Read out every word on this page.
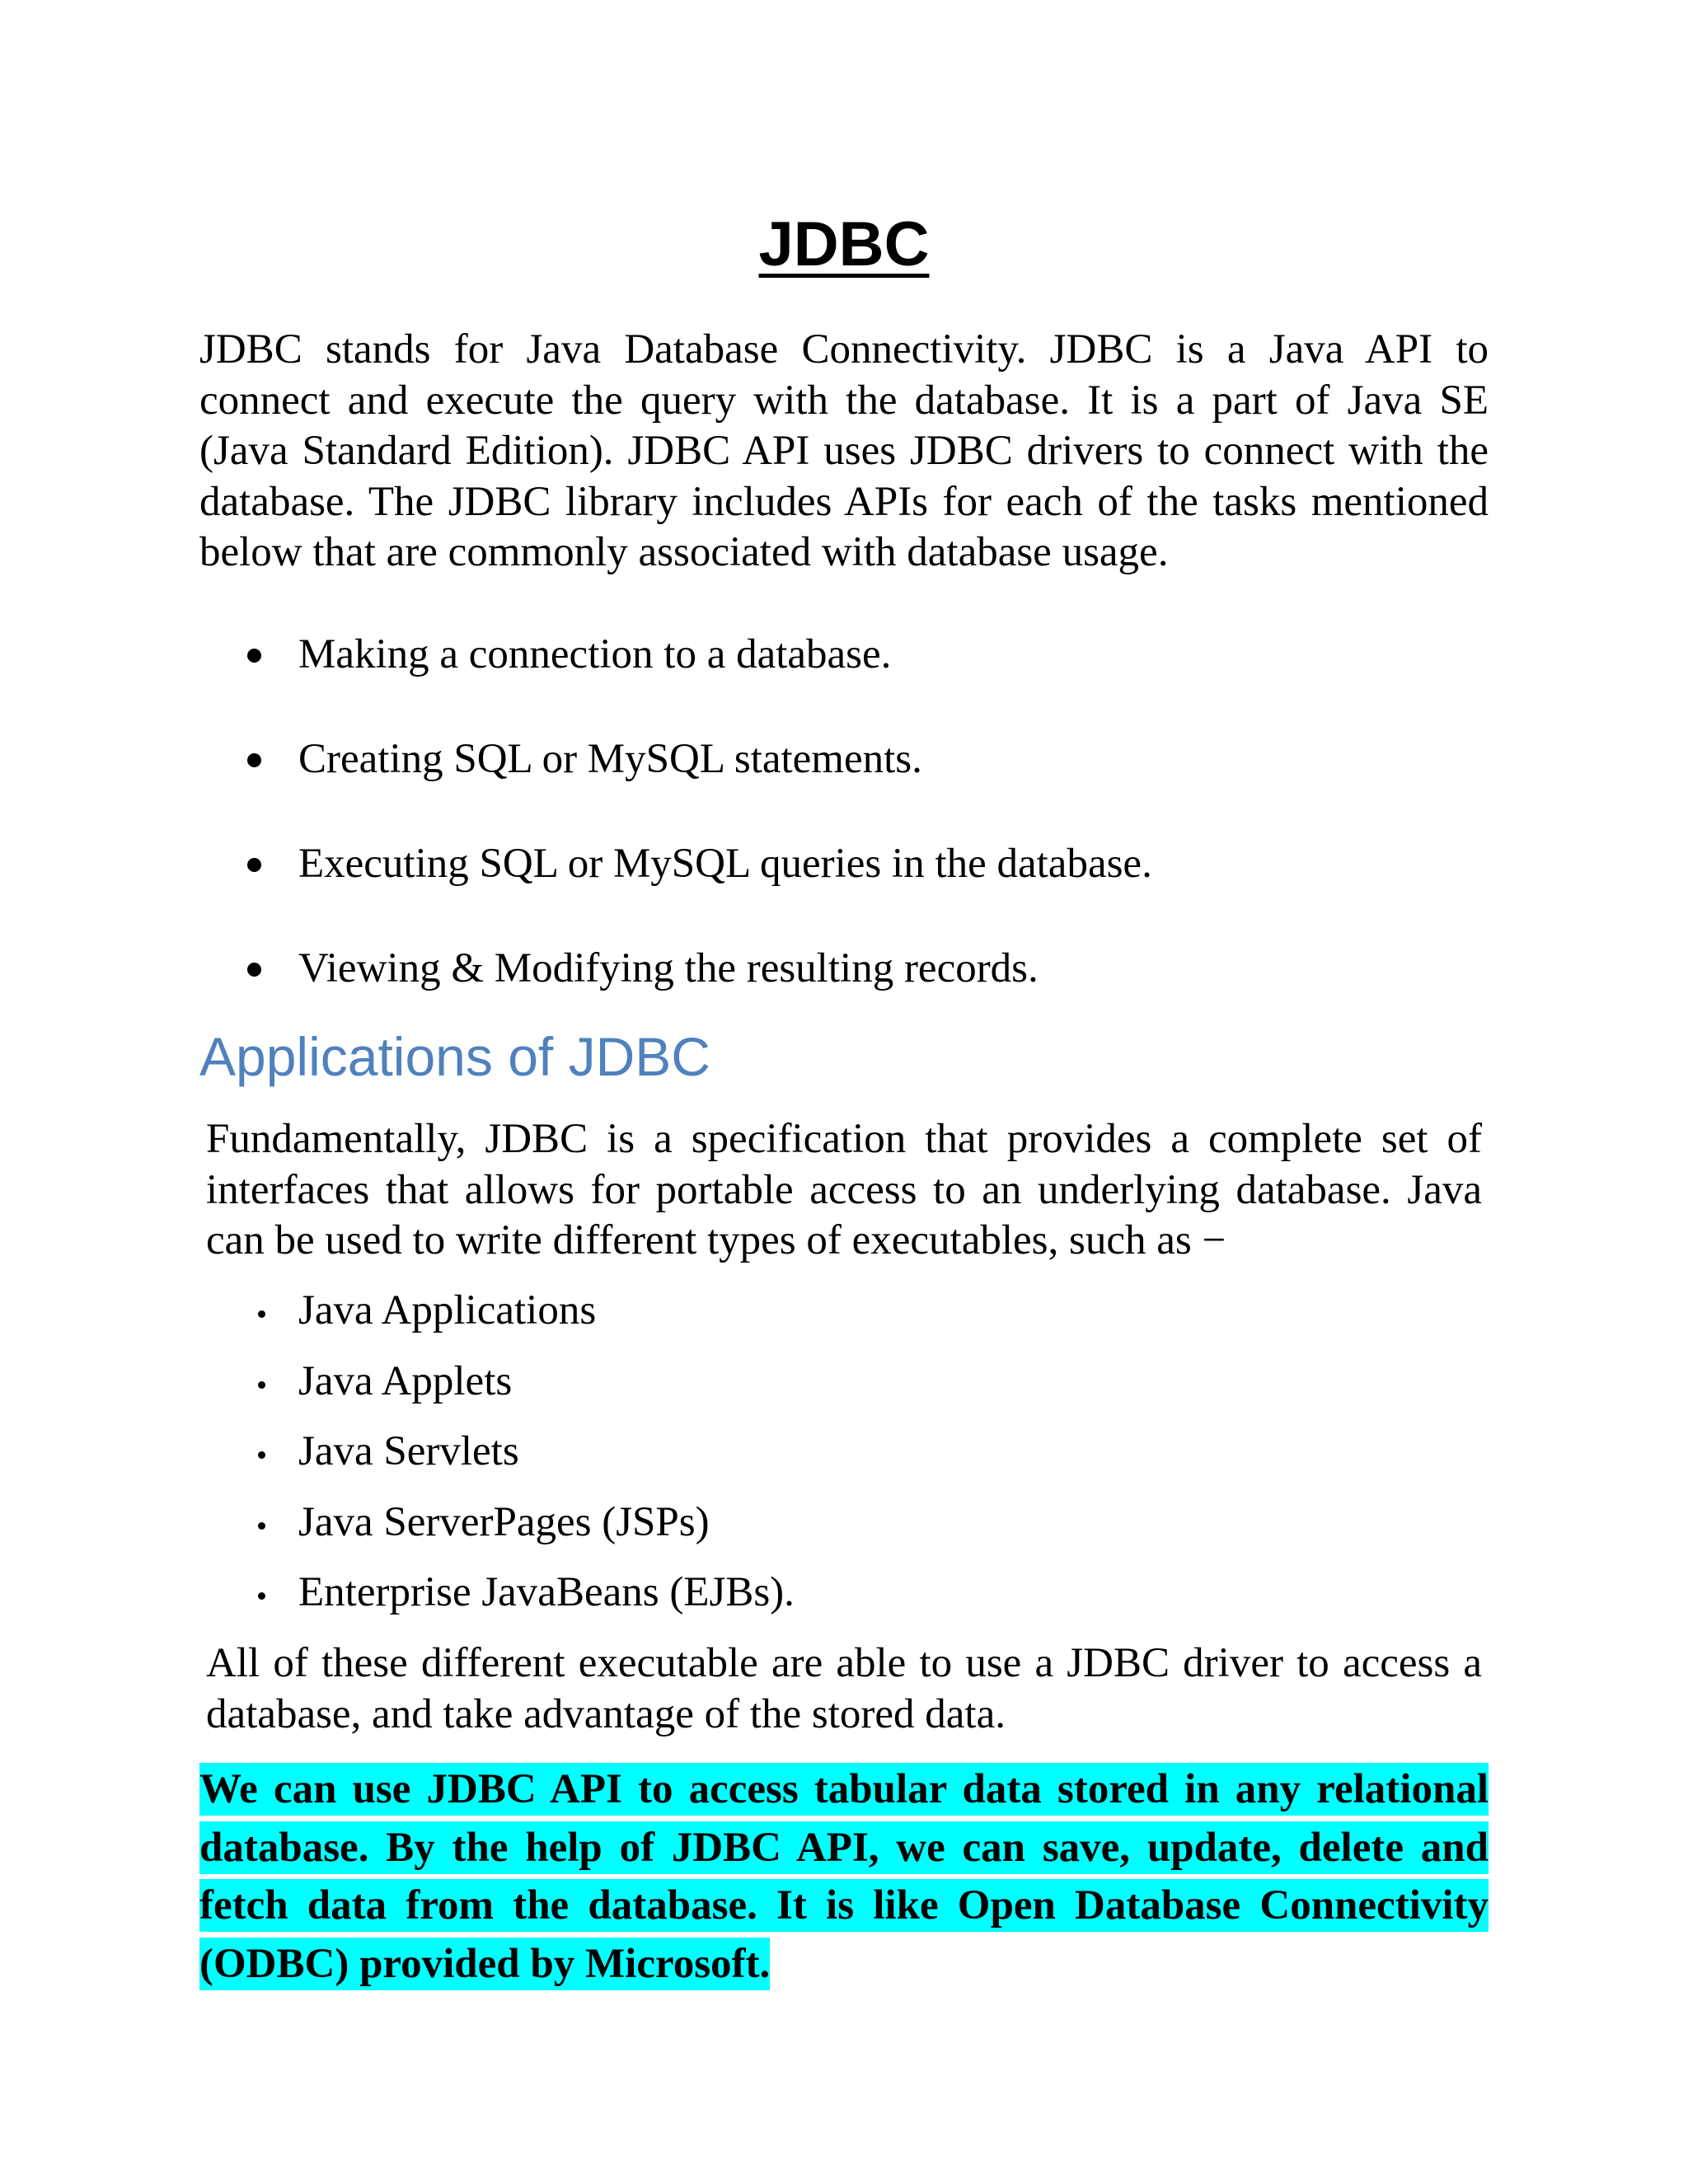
JDBC

JDBC stands for Java Database Connectivity. JDBC is a Java API to connect and execute the query with the database. It is a part of Java SE (Java Standard Edition). JDBC API uses JDBC drivers to connect with the database. The JDBC library includes APIs for each of the tasks mentioned below that are commonly associated with database usage.

Making a connection to a database.
Creating SQL or MySQL statements.
Executing SQL or MySQL queries in the database.
Viewing & Modifying the resulting records.
Applications of JDBC

Fundamentally, JDBC is a specification that provides a complete set of interfaces that allows for portable access to an underlying database. Java can be used to write different types of executables, such as −

Java Applications
Java Applets
Java Servlets
Java ServerPages (JSPs)
Enterprise JavaBeans (EJBs).

All of these different executable are able to use a JDBC driver to access a database, and take advantage of the stored data.

We can use JDBC API to access tabular data stored in any relational database. By the help of JDBC API, we can save, update, delete and fetch data from the database. It is like Open Database Connectivity (ODBC) provided by Microsoft.
